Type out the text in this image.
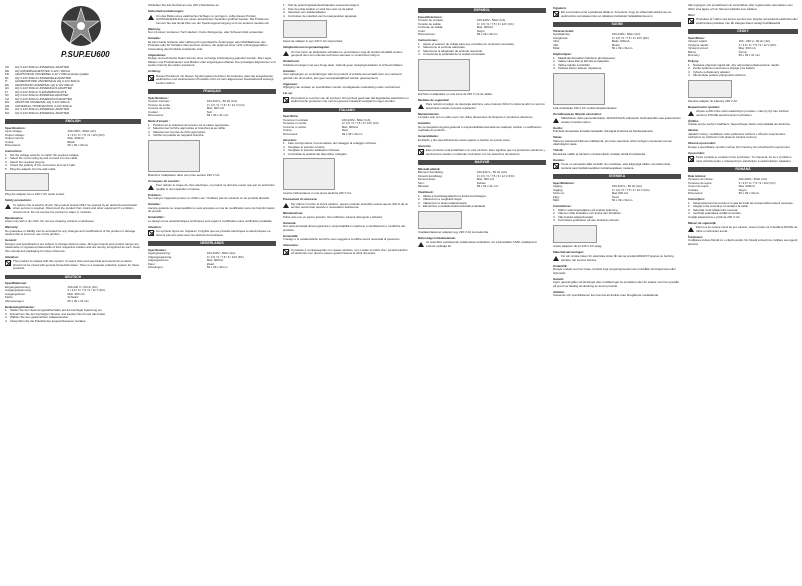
P.SUP.EU600
UK	HQ 3-12V 600mA UNIVERSAL ADAPTER
DE	HQ UNIVERSALNETZTEIL 3-12V / 600mA
FR	ADAPTATEUR UNIVERSEL 3-12 V 600mA Haute Qualité
NL	HQ 3-12V 600mA UNIVERSELE ADAPTER
IT	ALIMENTATORE UNIVERSALE HQ 3-12V 600mA
ES	ADAPTADOR UNIVERSAL HQ 3-12V 600mA
HU	HQ 3-12V 600mA UNIVERZÁLIS ADAPTER
FI	HQ 3-12V 600mA YLEISVERKKOLAITE
SV	HQ 3-12V 600mA UNIVERSALADAPTER
CZ	HQ 3-12V 600mA UNIVERZÁLNÍ ADAPTÉR
RO	ADAPTOR UNIVERSAL HQ 3-12V 600mA
GR	UNIVERSAL ΤΡΟΦΟΔΟΤΙΚΟ 3-12V 600mA
DK	HQ 3-12V 600mA UNIVERSAL ADAPTER
NO	HQ 3-12V 600mA UNIVERSAL ADAPTER
ENGLISH
Specifications:
Input voltage:	100-230V~ 50Hz (AC)
Output voltage:	3 / 4,5 / 6 / 7,5 / 9 / 12V (DC)
Output current:	Max. 600mA
Colour:	Black
Dimensions:	69 x 39 x 31mm
Instructions:
1. Set the voltage selector to match the required voltage.
2. Select the correct plug tip and connect it to the cable.
3. Select the required plug tip.
4. Check the polarity of the connection and set it right.
5. Plug the adapter into the wall outlet.
Plug the adapter into a 230 V AC outlet socket.
Safety precautions:
To reduce risk of electric shock, this product should ONLY be opened by an authorized technician when service is required. Disconnect the product from mains and other equipment if a problem should occur. Do not expose the product to water or moisture.
Maintenance:
Clean only with a dry cloth. Do not use cleaning solvents or abrasives.
Warranty:
No guarantee or liability can be accepted for any changes and modifications of the product or damage caused due to incorrect use of this product.
General:
Designs and specifications are subject to change without notice. All logos brands and product names are trademarks or registered trademarks of their respective holders and are hereby recognized as such. Keep this manual and packaging for future reference.
Attention:
This product is marked with this symbol. It means that used electrical and electronic products should not be mixed with general household waste. There is a separate collection system for these products.
DEUTSCH
Spezifikationen:
Eingangsspannung:	100-230 V~ 50 Hz (AC)
Ausgangsspannung:	3 / 4,5 / 6 / 7,5 / 9 / 12 V (DC)
Ausgangsstrom:	Max. 600 mA
Farbe:	Schwarz
Abmessungen:	69 x 39 x 31 mm
Bedienungshinweise:
1. Stellen Sie den Spannungswahlschalter auf die benötigte Spannung ein.
2. Entnehmen Sie den benötigten Stecker und stecken Sie ihn auf das Kabel.
3. Wählen Sie den gewünschten Adapterstecker.
4. Überprüfen Sie die Polarität des angeschlossenen Gerätes.
Schließen Sie das Netzteil an eine 230 V-Steckdose an.
Sicherheitsvorkehrungen:
Um das Risiko eines elektrischen Schlags zu verringern, sollte dieses Produkt AUSSCHLIESSLICH von einem autorisierten Techniker geöffnet werden. Bei Problemen trennen Sie das Gerät bitte von der Spannungsversorgung und von anderen Geräten ab.
Wartung:
Nur mit einem trockenen Tuch säubern. Keine Reinigungs- oder Scheuermittel verwenden.
Garantie:
Es kann keine Garantie oder Haftung für irgendwelche Änderungen oder Modifikationen des Produkts oder für Schäden übernommen werden, die aufgrund einer nicht ordnungsgemäßen Anwendung des Produkts entstanden sind.
Allgemeines:
Design und technische Daten können ohne vorherige Ankündigung geändert werden. Alle Logos, Marken und Produktnamen sind Marken oder eingetragene Marken ihrer jeweiligen Eigentümer und werden hiermit als solche anerkannt.
Achtung:
Dieses Produkt ist mit diesem Symbol gekennzeichnet. Es bedeutet, dass die ausgedienten elektrischen und elektronischen Produkte nicht mit dem allgemeinen Haushaltsmüll entsorgt werden dürfen.
FRANÇAIS
Spécifications :
Tension d'entrée :	100-230 V~ 50 Hz (CA)
Tension de sortie :	3 / 4,5 / 6 / 7,5 / 9 / 12 V (CC)
Courant de sortie :	Max. 600 mA
Couleur :	Noir
Dimensions :	69 x 39 x 31 mm
Mode d'emploi :
1. Positionnez le sélecteur de tension sur la valeur appropriée.
2. Sélectionnez la fiche appropriée et branchez-la au câble.
3. Sélectionnez la prise de fiche appropriée.
4. Vérifiez la polarité de l'appareil branché.
Branchez l'adaptateur dans une prise secteur 230 V CA.
Consignes de sécurité :
Pour réduire le risque de choc électrique, ce produit ne doit être ouvert que par un technicien qualifié si une réparation s'impose.
Entretien :
Ne nettoyez l'appareil qu'avec un chiffon sec. N'utilisez pas de solvants ou de produits abrasifs.
Garantie :
Aucune garantie ou responsabilité ne sera acceptée en cas de modification et/ou de transformation du produit.
Généralités :
Le design et les caractéristiques techniques sont sujets à modification sans notification préalable.
Attention :
Ce symbole figure sur l'appareil. Il signifie que les produits électriques et électroniques ne doivent pas être jetés avec les déchets domestiques.
NEDERLANDS
Specificaties:
Ingangsspanning:	100-230V~ 50Hz (AC)
Uitgangsspanning:	3 / 4,5 / 6 / 7,5 / 9 / 12V (DC)
Uitgangsstroom:	Max. 600mA
Kleur:	Zwart
Afmetingen:	69 x 39 x 31mm
1. Stel de spanningsselectieschakelaar overeenkomstig in.
2. Kies de juiste stekker en sluit hem aan op de kabel.
3. Selecteer een stekkeradapter.
4. Controleer de polariteit van het aangesloten apparaat.
Steek de adapter in een 230 V AC stopcontact.
Veiligheidsvoorzorgsmaatregelen:
Om het risico op elektrische schokken te verminderen mag dit product ALLEEN worden geopend door een erkende technicus wanneer er onderhoud nodig is.
Onderhoud:
Uitsluitend reinigen met een droge doek. Gebruik geen reinigingsmiddelen of schuurmiddelen.
Garantie:
Voor wijzigingen en veranderingen aan het product of schade veroorzaakt door een verkeerd gebruik van dit product, kan geen aansprakelijkheid worden geaccepteerd.
Algemeen:
Wijziging van ontwerp en specificaties zonder voorafgaande mededeling onder voorbehoud.
Let op:
Dit product is voorzien van dit symbool. Dit symbool geeft aan dat afgedankte elektrische en elektronische producten niet met het gewone huisafval verwijderd mogen worden.
ITALIANO
Specifiche:
Tensione in entrata:	100-230V~ 50Hz (CA)
Tensione in uscita:	3 / 4,5 / 6 / 7,5 / 9 / 12V (CC)
Corrente in uscita:	Max. 600mA
Colore:	Nero
Dimensioni:	69 x 39 x 31mm
Istruzioni:
1. Fate corrispondere il commutatore del voltaggio al voltaggio richiesto.
2. Scegliete lo spinotto corretto.
3. Scegliete lo spinotto adattatore richiesto.
4. Controllate la polarità del dispositivo collegato.
Inserite l'alimentatore in una presa elettrica 230 V CA.
Precauzioni di sicurezza:
Per ridurre il rischio di shock elettrico, questo prodotto dovrebbe essere aperto SOLO da un tecnico autorizzato quando è necessaria l'assistenza.
Manutenzione:
Pulire solo con un panno asciutto. Non utilizzare solventi detergenti o abrasivi.
Garanzia:
Non sarà accettata alcuna garanzia o responsabilità in relazione a cambiamenti e modifiche del prodotto.
Generalità:
Il design e le caratteristiche tecniche sono soggetti a modifica senza necessità di preavviso.
Attenzione:
Il prodotto è contrassegnato con questo simbolo, con il quale si indica che i prodotti elettrici ed elettronici non devono essere gettati insieme ai rifiuti domestici.
ESPAÑOL
Especificaciones:
Tensión de entrada:	100-230V~ 50Hz (CA)
Tensión de salida:	3 / 4,5 / 6 / 7,5 / 9 / 12V (CC)
Corriente de salida:	Máx. 600mA
Color:	Negro
Dimensiones:	69 x 39 x 31mm
Instrucciones:
1. Ajuste el selector de voltaje para que coincida con la tensión necesaria.
2. Seleccione el enchufe adecuado.
3. Seleccione el adaptador de enchufe requerido.
4. Compruebe la polaridad de la unidad conectada.
Enchufe el adaptador en una toma de 230 V CA de salida.
Medidas de seguridad:
Para reducir el peligro de descarga eléctrica, este producto SÓLO lo debería abrir un técnico autorizado cuando necesite reparación.
Mantenimiento:
Límpielo sólo con un paño seco. No utilice disolventes de limpieza ni productos abrasivos.
Garantía:
No se aceptará ninguna garantía o responsabilidad derivada de cualquier cambio o modificación realizada al producto.
Generalidades:
El diseño y las especificaciones están sujetos a cambio sin previo aviso.
Atención:
Este producto está señalizado con este símbolo. Esto significa que los productos eléctricos y electrónicos usados no deberán mezclarse con los desechos domésticos.
MAGYAR
Műszaki adatok:
Bemenő feszültség:	100-230 V~ 50 Hz (AC)
Kimenő feszültség:	3 / 4,5 / 6 / 7,5 / 9 / 12 V (DC)
Kimenő áram:	Max. 600 mA
Szín:	Fekete
Méretek:	69 x 39 x 31 mm
Utasítások:
1. Állítsa a feszültségválasztót a kívánt feszültségre.
2. Válassza ki a megfelelő dugót.
3. Válassza ki a kívánt adapterdugót.
4. Ellenőrizze a csatlakoztatott készülék polaritását.
Csatlakoztassa az adaptert egy 230 V AC konnektorba.
Biztonsági óvintézkedések:
Az áramütés veszélyének csökkentése érdekében ezt a készüléket CSAK szakképzett szerelő nyithatja fel.
Figyelem:
Ezt a terméket ezzel a jelöléssel látták el. Azt jelenti, hogy az elhasznált elektromos és elektronikus termékeket tilos az általános háztartási hulladékkal keverni.
SUOMI
Tekniset tiedot:
Syöttöjännite:	100-230V~ 50Hz (AC)
Antojännite:	3 / 4,5 / 6 / 7,5 / 9 / 12V (DC)
Virta:	Maks. 600mA
Väri:	Musta
Mitat:	69 x 39 x 31mm
Käyttöohjeet:
1. Säädä jännitevalitsin haluttuun jännitteeseen.
2. Valitse oikea liitin ja kiinnitä se kaapeliin.
3. Valitse haluttu sovitinliitin.
4. Tarkista liitetyn laitteen napaisuus.
Liitä verkkolaite 230 V AC verkkovirtapistorasiaan.
Turvallisuuteen liittyvät varotoimet:
Sähköiskun riskin pienentämiseksi, AINOASTAAN valtuutettu huoltoteknikko saa avata tämän tuotteen huoltoa varten.
Huolto:
Puhdista ainoastaan kuivalla kankaalla. Älä käytä liuottimia tai hankausaineita.
Takuu:
Takuu ja vastuuvelvollisuus mitätöityvät, jos tuote vaurioituu siihen tehtyjen muutosten tai sen väärinkäytön takia.
Yleistä:
Muutoksia malliin ja teknisiin ominaisuuksiin voidaan tehdä ilmoituksetta.
Huomio:
Tuote on varustettu tällä merkillä. Se merkitsee, ettei käytettyjä sähkö- tai elektronisia tuotteita saa hävittää tavallisen kotitalousjätteen mukana.
SVENSKA
Specifikationer:
Ingång:	100-230 V~ 50 Hz (AC)
Utgång:	3 / 4,5 / 6 / 7,5 / 9 / 12 V (DC)
Ström ut:	Max 600 mA
Färg:	Svart
Mått:	69 x 39 x 31mm
Instruktioner:
1. Ställ in spänningsväljaren på önskad spänning.
2. Välj den rätta kontakten och anslut den till kabeln.
3. Välj önskad adapterkontakt.
4. Kontrollera polariteten på den anslutna enheten.
Anslut adaptern till ett 230 V AC-uttag.
Säkerhetsanvisningar:
För att minska risken för elektriska stötar får denna produkt ENDAST öppnas av behörig tekniker när service behövs.
Underhåll:
Rengör endast med torr trasa. Använd inga rengöringsmedel som innehåller lösningsmedel eller slipmedel.
Garanti:
Ingen garanti gäller vid ändringar eller modifieringar av produkten eller för skador som har uppstått på grund av felaktig användning av denna produkt.
Allmänt:
Utseende och specifikationer kan komma att ändras utan föregående meddelande.
Alle logotyper och produktnamn är varumärken eller registrerade varumärken som tillhör sina ägare och är härmed erkända som sådana.
Obs!
Produkten är märkt med denna symbol som betyder att använda elektriska eller elektroniska produkter inte får slängas bland vanligt hushållsavfall.
ČESKY
Specifikace:
Vstupní napětí:	100 - 230 V~ 50 Hz (AC)
Výstupní napětí:	3 / 4,5 / 6 / 7,5 / 9 / 12 V (DC)
Výstupní proud:	Max. 600 mA
Barva:	Černá
Rozměry:	69 x 39 x 31 mm
Pokyny:
1. Nastavte přepínač napětí tak, aby odpovídal požadovanému napětí.
2. Zvolte správnou koncovku a připojte ji ke kabelu.
3. Vyberte požadovaný adaptér.
4. Zkontrolujte polaritu připojeného zařízení.
Zasuňte adaptér do zásuvky 230 V AC.
Bezpečnostní opatření:
Abyste snížili riziko úrazu elektrickým proudem, mělo by být toto zařízení otevřeno POUZE autorizovaným technikem.
Údržba:
Čistěte pouze suchým hadříkem. Nepoužívejte čisticí rozpouštědla ani abraziva.
Záruka:
Jakékoli změny, modifikace nebo poškození zařízení z důvodu nesprávného zacházení se zařízením ruší platnost záruční smlouvy.
Obecné upozornění:
Design a specifikace výrobku mohou být změněny bez předchozího upozornění.
Upozornění:
Tento výrobek je označen tímto symbolem. To znamená, že se s výrobkem musí zacházet jako s nebezpečným elektrickým a elektronickým odpadem.
ROMÂNĂ
Date tehnice:
Tensiune de intrare:	100-230V~ 50Hz (CA)
Tensiune de ieşire:	3 / 4,5 / 6 / 7,5 / 9 / 12V (CC)
Curent de ieşire:	Max. 600mA
Culoare:	Negru
Dimensiuni:	69 x 39 x 31mm
Instrucţiuni:
1. Setaţi selectorul de tensiune în aşa fel încât să corespundă tensiunii necesare.
2. Alegeţi mufa corectă şi conectaţi-o la cablu.
3. Selectaţi mufa adaptorului necesar.
4. Verificaţi polaritatea unităţii conectate.
Cuplaţi adaptorul la o priză de 230 V CA.
Măsuri de siguranţă:
Pentru a se reduce riscul de şoc electric, acest produs va fi desfăcut NUMAI de către un tehnician avizat.
Întreţinere:
Curăţarea trebuie făcută cu o cârpă uscată. Nu folosiţi solvenţi de curăţare sau agenţi abrazivi.
